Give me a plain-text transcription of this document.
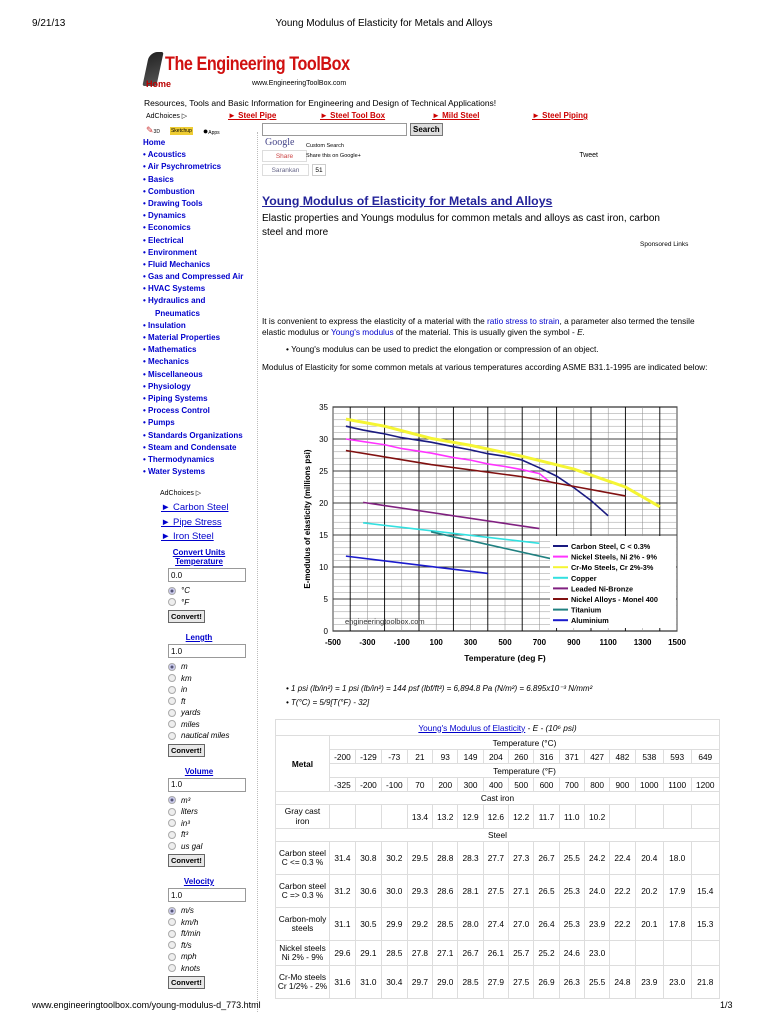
9/21/13	Young Modulus of Elasticity for Metals and Alloys
The Engineering ToolBox
Home	www.EngineeringToolBox.com
Resources, Tools and Basic Information for Engineering and Design of Technical Applications!
AdChoices ▷	► Steel Pipe	► Steel Tool Box	► Mild Steel	► Steel Piping
✎3D Sketchup ●Apps
Home
• Acoustics
• Air Psychrometrics
• Basics
• Combustion
• Drawing Tools
• Dynamics
• Economics
• Electrical
• Environment
• Fluid Mechanics
• Gas and Compressed Air
• HVAC Systems
• Hydraulics and
Pneumatics
• Insulation
• Material Properties
• Mathematics
• Mechanics
• Miscellaneous
• Physiology
• Piping Systems
• Process Control
• Pumps
• Standards Organizations
• Steam and Condensate
• Thermodynamics
• Water Systems
AdChoices ▷
► Carbon Steel
► Pipe Stress
► Iron Steel
Convert Units
Temperature
0.0
°C
°F
Convert!
Length
1.0
m
km
in
ft
yards
miles
nautical miles
Convert!
Volume
1.0
m³
liters
in³
ft³
us gal
Convert!
Velocity
1.0
m/s
km/h
ft/min
ft/s
mph
knots
Convert!
Search
Google Custom Search
Share	Share this on Google+	Tweet
Sarankan	51
Young Modulus of Elasticity for Metals and Alloys
Elastic properties and Youngs modulus for common metals and alloys as cast iron, carbon steel and more
Sponsored Links
It is convenient to express the elasticity of a material with the ratio stress to strain, a parameter also termed the tensile elastic modulus or Young's modulus of the material. This is usually given the symbol - E.
• Young's modulus can be used to predict the elongation or compression of an object.
Modulus of Elasticity for some common metals at various temperatures according ASME B31.1-1995 are indicated below:
0
5
10
15
20
25
30
35
-500 -300 -100 100	300	500	700	900 1100 1300 1500
Temperature (deg F)
E-modulus of elasticity (millions psi)	Carbon Steel, C < 0.3%
Nickel Steels, Ni 2% - 9%
Cr-Mo Steels, Cr 2%-3%
Copper
Leaded Ni-Bronze
Nickel Alloys - Monel 400
Titanium
Aluminium
engineeringtoolbox.com
• 1 psi (lb/in²) = 1 psi (lb/in²) = 144 psf (lbf/ft²) = 6,894.8 Pa (N/m²) = 6.895x10⁻³ N/mm²
• T(°C) = 5/9[T(°F) - 32]
Young's Modulus of Elasticity - E - (10⁶ psi)															
Metal	Temperature (°C)														
	-200	-129	-73	21	93	149	204	260	316	371	427	482	538	593	649
	Temperature (°F)														
	-325	-200	-100	70	200	300	400	500	600	700	800	900	1000	1100	1200
Cast iron															
Gray cast iron				13.4	13.2	12.9	12.6	12.2	11.7	11.0	10.2				
Steel															
Carbon steel C <= 0.3 %	31.4	30.8	30.2	29.5	28.8	28.3	27.7	27.3	26.7	25.5	24.2	22.4	20.4	18.0	
Carbon steel C => 0.3 %	31.2	30.6	30.0	29.3	28.6	28.1	27.5	27.1	26.5	25.3	24.0	22.2	20.2	17.9	15.4
Carbon-moly steels	31.1	30.5	29.9	29.2	28.5	28.0	27.4	27.0	26.4	25.3	23.9	22.2	20.1	17.8	15.3
Nickel steels Ni 2% - 9%	29.6	29.1	28.5	27.8	27.1	26.7	26.1	25.7	25.2	24.6	23.0				
Cr-Mo steels Cr 1/2% - 2%	31.6	31.0	30.4	29.7	29.0	28.5	27.9	27.5	26.9	26.3	25.5	24.8	23.9	23.0	21.8
www.engineeringtoolbox.com/young-modulus-d_773.html	1/3
